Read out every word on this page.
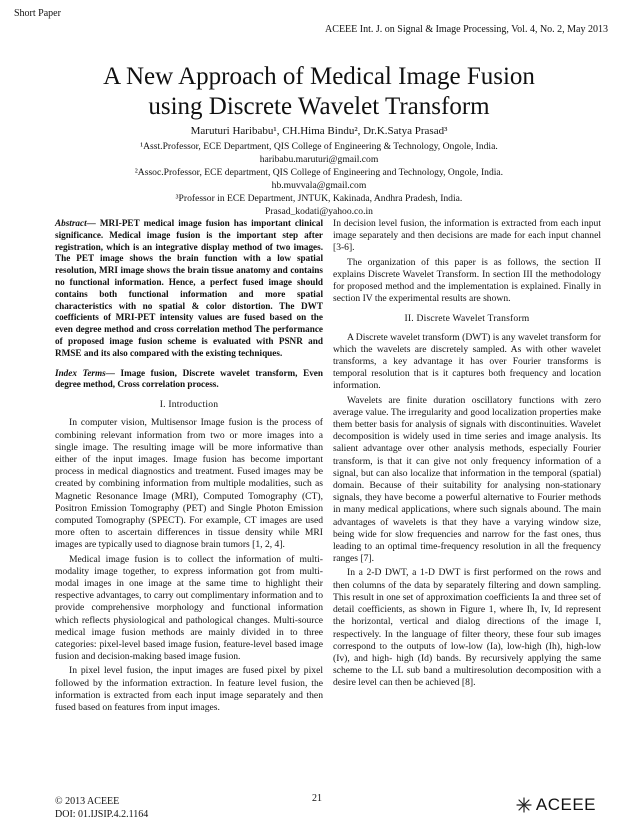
Short Paper
ACEEE Int. J. on Signal & Image Processing, Vol. 4, No. 2, May 2013
A New Approach of Medical Image Fusion
using Discrete Wavelet Transform
Maruturi Haribabu¹, CH.Hima Bindu², Dr.K.Satya Prasad³
¹Asst.Professor, ECE Department, QIS College of Engineering & Technology, Ongole, India.
haribabu.maruturi@gmail.com
²Assoc.Professor, ECE department, QIS College of Engineering and Technology, Ongole, India.
hb.muvvala@gmail.com
³Professor in ECE Department, JNTUK, Kakinada, Andhra Pradesh, India.
Prasad_kodati@yahoo.co.in

Abstract— MRI-PET medical image fusion has important clinical significance. Medical image fusion is the important step after registration, which is an integrative display method of two images. The PET image shows the brain function with a low spatial resolution, MRI image shows the brain tissue anatomy and contains no functional information. Hence, a perfect fused image should contains both functional information and more spatial characteristics with no spatial & color distortion. The DWT coefficients of MRI-PET intensity values are fused based on the even degree method and cross correlation method The performance of proposed image fusion scheme is evaluated with PSNR and RMSE and its also compared with the existing techniques.

Index Terms— Image fusion, Discrete wavelet transform, Even degree method, Cross correlation process.

I. Introduction

In computer vision, Multisensor Image fusion is the process of combining relevant information from two or more images into a single image. The resulting image will be more informative than either of the input images. Image fusion has become important process in medical diagnostics and treatment. Fused images may be created by combining information from multiple modalities, such as Magnetic Resonance Image (MRI), Computed Tomography (CT), Positron Emission Tomography (PET) and Single Photon Emission computed Tomography (SPECT). For example, CT images are used more often to ascertain differences in tissue density while MRI images are typically used to diagnose brain tumors [1, 2, 4].

Medical image fusion is to collect the information of multi-modality image together, to express information got from multi-modal images in one image at the same time to highlight their respective advantages, to carry out complimentary information and to provide comprehensive morphology and functional information which reflects physiological and pathological changes. Multi-source medical image fusion methods are mainly divided in to three categories: pixel-level based image fusion, feature-level based image fusion and decision-making based image fusion.

In pixel level fusion, the input images are fused pixel by pixel followed by the information extraction. In feature level fusion, the information is extracted from each input image separately and then fused based on features from input images.

In decision level fusion, the information is extracted from each input image separately and then decisions are made for each input channel [3-6].

The organization of this paper is as follows, the section II explains Discrete Wavelet Transform. In section III the methodology for proposed method and the implementation is explained. Finally in section IV the experimental results are shown.

II. Discrete Wavelet Transform

A Discrete wavelet transform (DWT) is any wavelet transform for which the wavelets are discretely sampled. As with other wavelet transforms, a key advantage it has over Fourier transforms is temporal resolution that is it captures both frequency and location information.

Wavelets are finite duration oscillatory functions with zero average value. The irregularity and good localization properties make them better basis for analysis of signals with discontinuities. Wavelet decomposition is widely used in time series and image analysis. Its salient advantage over other analysis methods, especially Fourier transform, is that it can give not only frequency information of a signal, but can also localize that information in the temporal (spatial) domain. Because of their suitability for analysing non-stationary signals, they have become a powerful alternative to Fourier methods in many medical applications, where such signals abound. The main advantages of wavelets is that they have a varying window size, being wide for slow frequencies and narrow for the fast ones, thus leading to an optimal time-frequency resolution in all the frequency ranges [7].

In a 2-D DWT, a 1-D DWT is first performed on the rows and then columns of the data by separately filtering and down sampling. This result in one set of approximation coefficients Ia and three set of detail coefficients, as shown in Figure 1, where Ih, Iv, Id represent the horizontal, vertical and dialog directions of the image I, respectively. In the language of filter theory, these four sub images correspond to the outputs of low-low (Ia), low-high (Ih), high-low (Iv), and high- high (Id) bands. By recursively applying the same scheme to the LL sub band a multiresolution decomposition with a desire level can then be achieved [8].

21
© 2013 ACEEE
DOI: 01.IJSIP.4.2.1164
ACEEE
